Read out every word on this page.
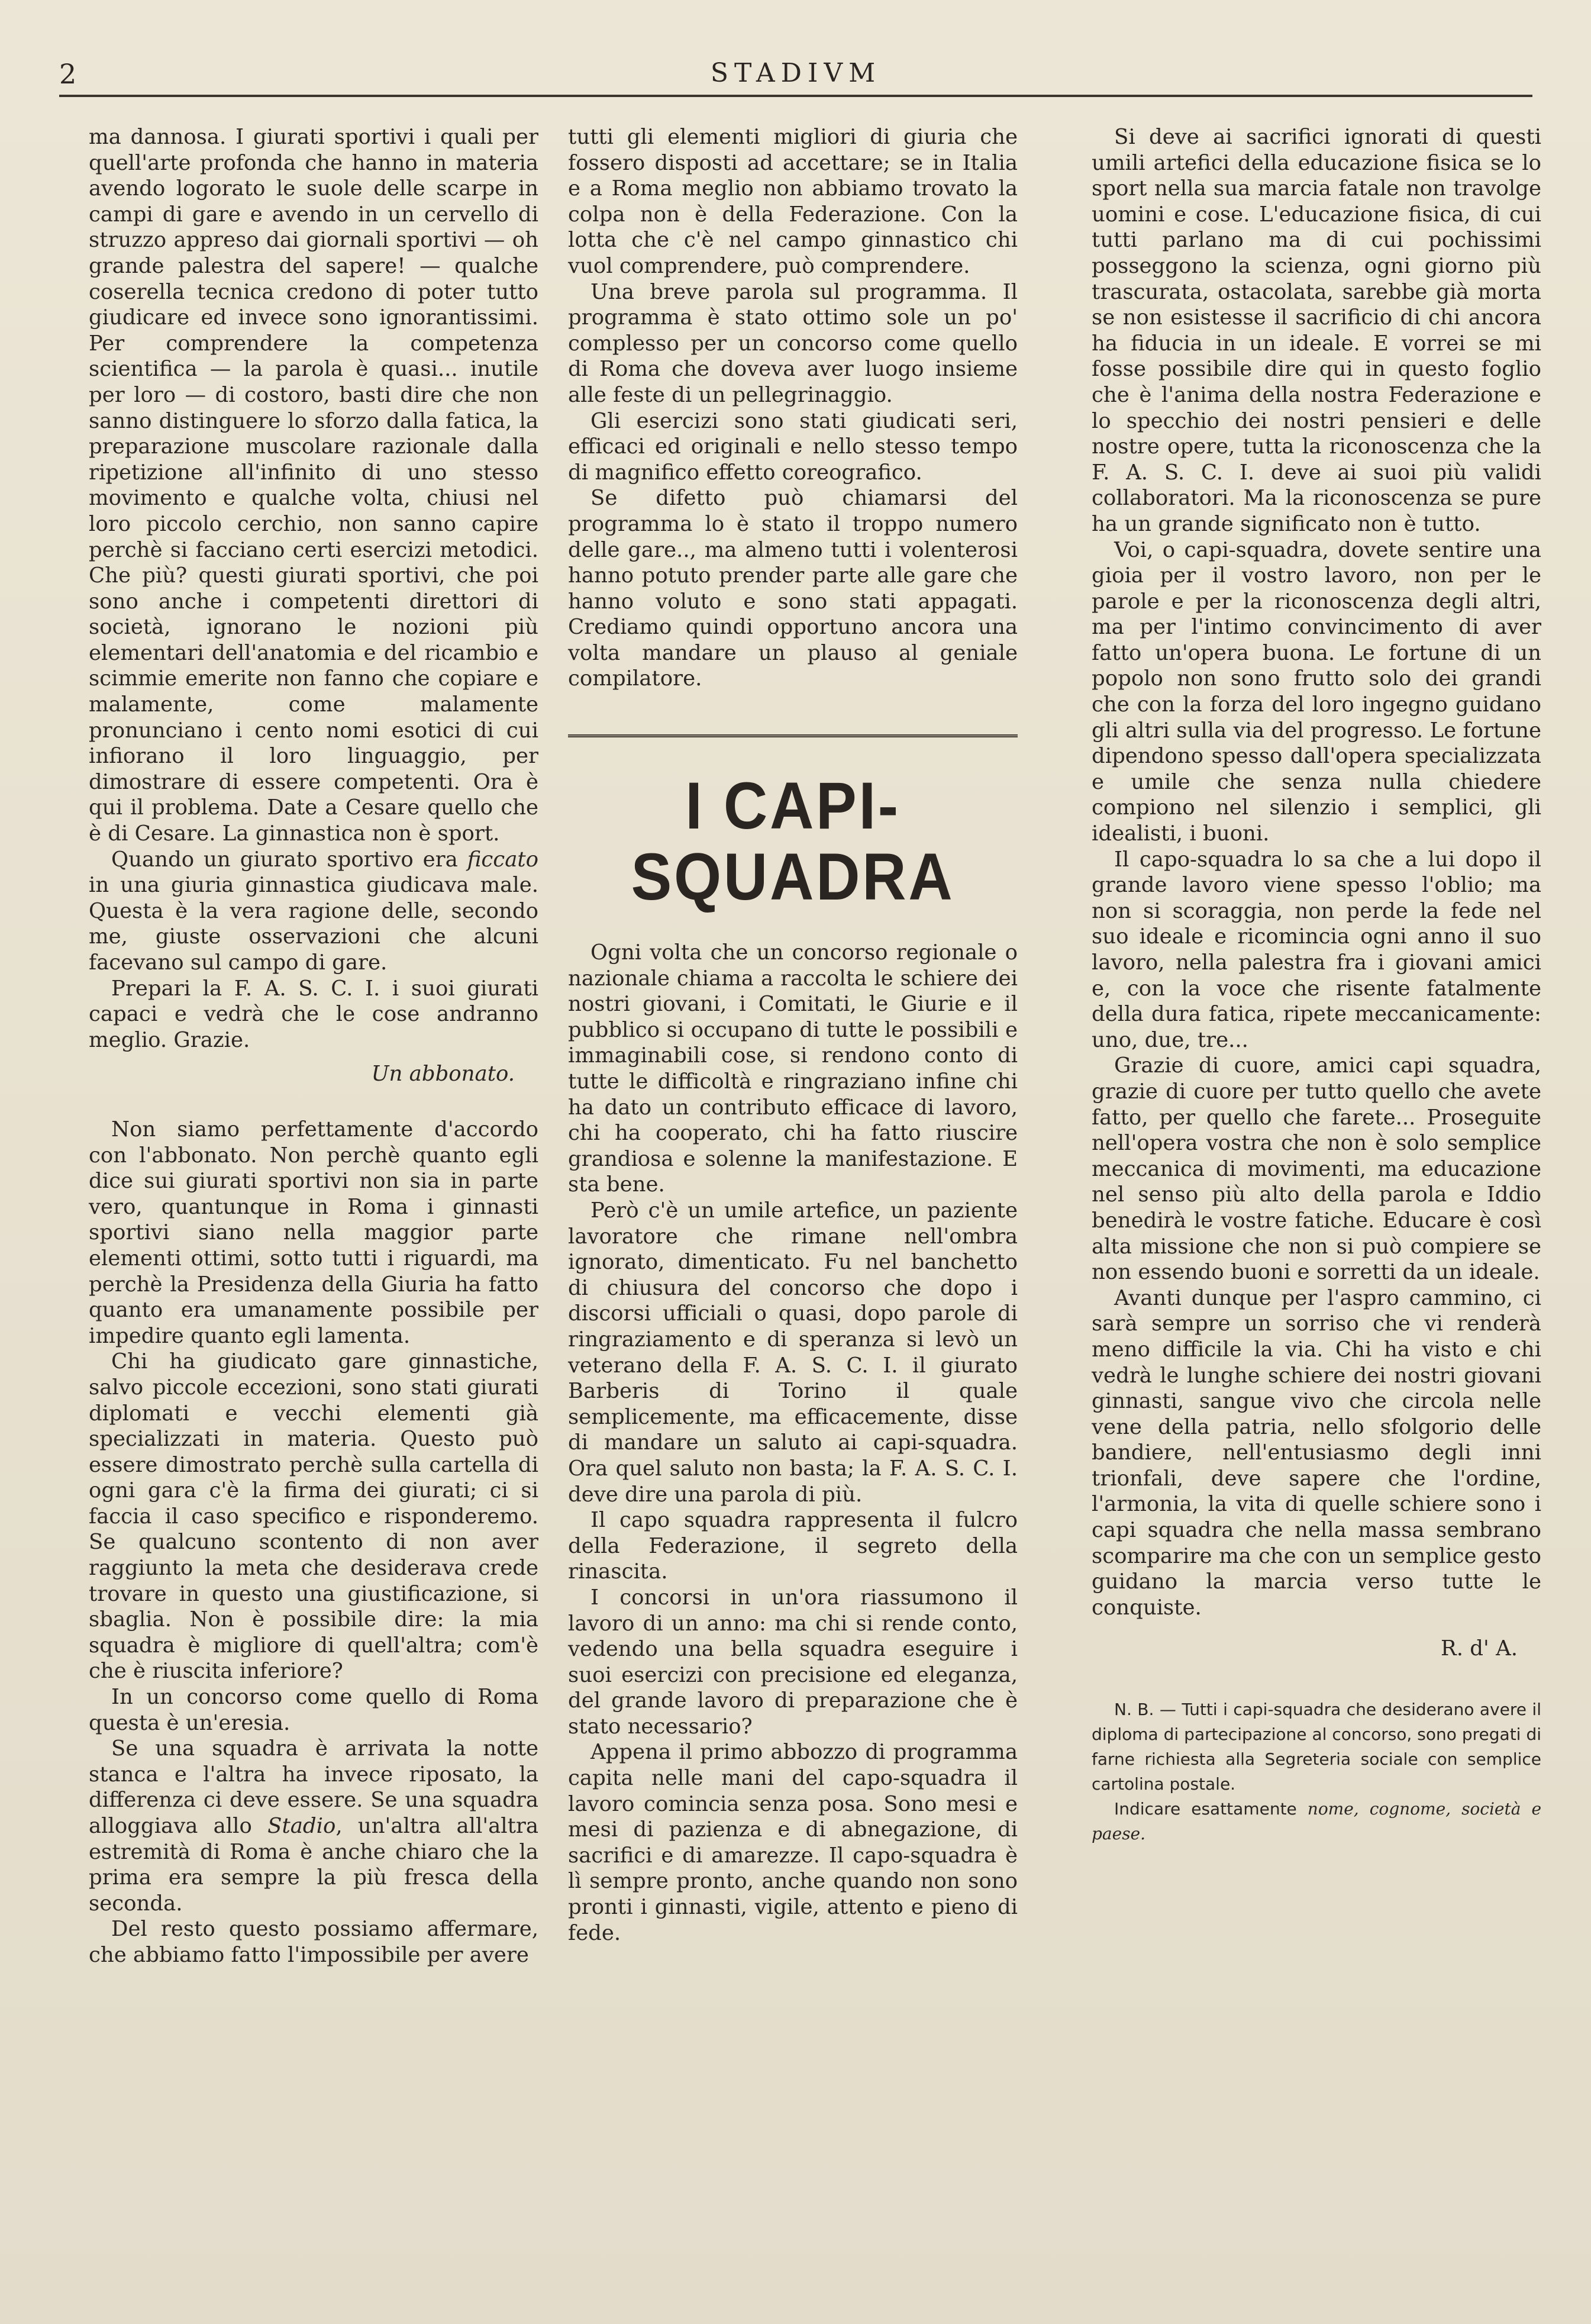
2	STADIVM

ma dannosa. I giurati sportivi i quali per quell'arte profonda che hanno in materia avendo logorato le suole delle scarpe in campi di gare e avendo in un cervello di struzzo appreso dai giornali sportivi — oh grande palestra del sapere! — qualche coserella tecnica credono di poter tutto giudicare ed invece sono ignorantissimi. Per comprendere la competenza scientifica — la parola è quasi... inutile per loro — di costoro, basti dire che non sanno distinguere lo sforzo dalla fatica, la preparazione muscolare razionale dalla ripetizione all'infinito di uno stesso movimento e qualche volta, chiusi nel loro piccolo cerchio, non sanno capire perchè si facciano certi esercizi metodici. Che più? questi giurati sportivi, che poi sono anche i competenti direttori di società, ignorano le nozioni più elementari dell'anatomia e del ricambio e scimmie emerite non fanno che copiare e malamente, come malamente pronunciano i cento nomi esotici di cui infiorano il loro linguaggio, per dimostrare di essere competenti. Ora è qui il problema. Date a Cesare quello che è di Cesare. La ginnastica non è sport.

Quando un giurato sportivo era ficcato in una giuria ginnastica giudicava male. Questa è la vera ragione delle, secondo me, giuste osservazioni che alcuni facevano sul campo di gare.

Prepari la F. A. S. C. I. i suoi giurati capaci e vedrà che le cose andranno meglio. Grazie.

Un abbonato.

Non siamo perfettamente d'accordo con l'abbonato. Non perchè quanto egli dice sui giurati sportivi non sia in parte vero, quantunque in Roma i ginnasti sportivi siano nella maggior parte elementi ottimi, sotto tutti i riguardi, ma perchè la Presidenza della Giuria ha fatto quanto era umanamente possibile per impedire quanto egli lamenta.

Chi ha giudicato gare ginnastiche, salvo piccole eccezioni, sono stati giurati diplomati e vecchi elementi già specializzati in materia. Questo può essere dimostrato perchè sulla cartella di ogni gara c'è la firma dei giurati; ci si faccia il caso specifico e risponderemo. Se qualcuno scontento di non aver raggiunto la meta che desiderava crede trovare in questo una giustificazione, si sbaglia. Non è possibile dire: la mia squadra è migliore di quell'altra; com'è che è riuscita inferiore?

In un concorso come quello di Roma questa è un'eresia.

Se una squadra è arrivata la notte stanca e l'altra ha invece riposato, la differenza ci deve essere. Se una squadra alloggiava allo Stadio, un'altra all'altra estremità di Roma è anche chiaro che la prima era sempre la più fresca della seconda.

Del resto questo possiamo affermare, che abbiamo fatto l'impossibile per avere

tutti gli elementi migliori di giuria che fossero disposti ad accettare; se in Italia e a Roma meglio non abbiamo trovato la colpa non è della Federazione. Con la lotta che c'è nel campo ginnastico chi vuol comprendere, può comprendere.

Una breve parola sul programma. Il programma è stato ottimo sole un po' complesso per un concorso come quello di Roma che doveva aver luogo insieme alle feste di un pellegrinaggio.

Gli esercizi sono stati giudicati seri, efficaci ed originali e nello stesso tempo di magnifico effetto coreografico.

Se difetto può chiamarsi del programma lo è stato il troppo numero delle gare.., ma almeno tutti i volenterosi hanno potuto prender parte alle gare che hanno voluto e sono stati appagati. Crediamo quindi opportuno ancora una volta mandare un plauso al geniale compilatore.

I CAPI-SQUADRA

Ogni volta che un concorso regionale o nazionale chiama a raccolta le schiere dei nostri giovani, i Comitati, le Giurie e il pubblico si occupano di tutte le possibili e immaginabili cose, si rendono conto di tutte le difficoltà e ringraziano infine chi ha dato un contributo efficace di lavoro, chi ha cooperato, chi ha fatto riuscire grandiosa e solenne la manifestazione. E sta bene.

Però c'è un umile artefice, un paziente lavoratore che rimane nell'ombra ignorato, dimenticato. Fu nel banchetto di chiusura del concorso che dopo i discorsi ufficiali o quasi, dopo parole di ringraziamento e di speranza si levò un veterano della F. A. S. C. I. il giurato Barberis di Torino il quale semplicemente, ma efficacemente, disse di mandare un saluto ai capi-squadra. Ora quel saluto non basta; la F. A. S. C. I. deve dire una parola di più.

Il capo squadra rappresenta il fulcro della Federazione, il segreto della rinascita.

I concorsi in un'ora riassumono il lavoro di un anno: ma chi si rende conto, vedendo una bella squadra eseguire i suoi esercizi con precisione ed eleganza, del grande lavoro di preparazione che è stato necessario?

Appena il primo abbozzo di programma capita nelle mani del capo-squadra il lavoro comincia senza posa. Sono mesi e mesi di pazienza e di abnegazione, di sacrifici e di amarezze. Il capo-squadra è lì sempre pronto, anche quando non sono pronti i ginnasti, vigile, attento e pieno di fede.

Si deve ai sacrifici ignorati di questi umili artefici della educazione fisica se lo sport nella sua marcia fatale non travolge uomini e cose. L'educazione fisica, di cui tutti parlano ma di cui pochissimi posseggono la scienza, ogni giorno più trascurata, ostacolata, sarebbe già morta se non esistesse il sacrificio di chi ancora ha fiducia in un ideale. E vorrei se mi fosse possibile dire qui in questo foglio che è l'anima della nostra Federazione e lo specchio dei nostri pensieri e delle nostre opere, tutta la riconoscenza che la F. A. S. C. I. deve ai suoi più validi collaboratori. Ma la riconoscenza se pure ha un grande significato non è tutto.

Voi, o capi-squadra, dovete sentire una gioia per il vostro lavoro, non per le parole e per la riconoscenza degli altri, ma per l'intimo convincimento di aver fatto un'opera buona. Le fortune di un popolo non sono frutto solo dei grandi che con la forza del loro ingegno guidano gli altri sulla via del progresso. Le fortune dipendono spesso dall'opera specializzata e umile che senza nulla chiedere compiono nel silenzio i semplici, gli idealisti, i buoni.

Il capo-squadra lo sa che a lui dopo il grande lavoro viene spesso l'oblio; ma non si scoraggia, non perde la fede nel suo ideale e ricomincia ogni anno il suo lavoro, nella palestra fra i giovani amici e, con la voce che risente fatalmente della dura fatica, ripete meccanicamente: uno, due, tre...

Grazie di cuore, amici capi squadra, grazie di cuore per tutto quello che avete fatto, per quello che farete... Proseguite nell'opera vostra che non è solo semplice meccanica di movimenti, ma educazione nel senso più alto della parola e Iddio benedirà le vostre fatiche. Educare è così alta missione che non si può compiere se non essendo buoni e sorretti da un ideale.

Avanti dunque per l'aspro cammino, ci sarà sempre un sorriso che vi renderà meno difficile la via. Chi ha visto e chi vedrà le lunghe schiere dei nostri giovani ginnasti, sangue vivo che circola nelle vene della patria, nello sfolgorio delle bandiere, nell'entusiasmo degli inni trionfali, deve sapere che l'ordine, l'armonia, la vita di quelle schiere sono i capi squadra che nella massa sembrano scomparire ma che con un semplice gesto guidano la marcia verso tutte le conquiste.

R. d' A.

N. B. — Tutti i capi-squadra che desiderano avere il diploma di partecipazione al concorso, sono pregati di farne richiesta alla Segreteria sociale con semplice cartolina postale.

Indicare esattamente nome, cognome, società e paese.
